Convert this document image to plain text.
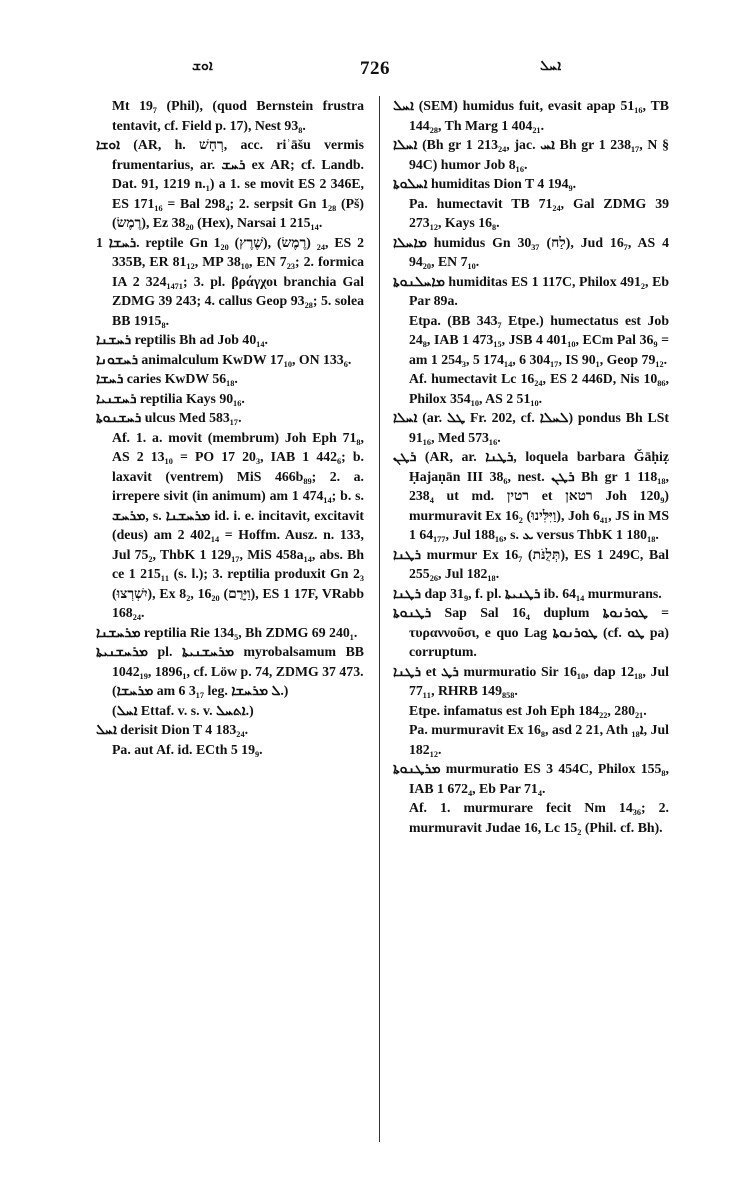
ܐܘܫ	726	ܐܚܠ

Mt 19₇ (Phil), (quod Bernstein frustra tentavit, cf. Field p. 17), Nest 93₈.

ܐܘܫܐ (AR, h. רְחָשׁ, acc. riʾāšu vermis frumentarius, ar. ܪܚܫ ex AR; cf. Landb. Dat. 91, 1219 n.₁) a 1. se movit ES 2 346E, ES 171₁₆ = Bal 298₄; 2. serpsit Gn 1₂₈ (Pš) (רֶמֶשׂ), Ez 38₂₀ (Hex), Narsai 1 215₁₄.

ܪܚܫܐ 1. reptile Gn 1₂₀ (שֶׁרֶץ), ₂₄ (רֶמֶשׂ), ES 2 335B, ER 81₁₂, MP 38₁₀, EN 7₂₃; 2. formica IA 2 324₁₄₇₁; 3. pl. βράγχοι branchia Gal ZDMG 39 243; 4. callus Geop 93₂₈; 5. solea BB 1915₈.

ܪܚܫܢܐ reptilis Bh ad Job 40₁₄.

ܪܚܫܘܢܐ animalculum KwDW 17₁₀, ON 133₆.

ܪܚܫܐ caries KwDW 56₁₈.

ܪܚܫܢܝܐ reptilia Kays 90₁₆.

ܪܚܫܢܘܬܐ ulcus Med 583₁₇.

Af. 1. a. movit (membrum) Joh Eph 71₈, AS 2 13₁₀ = PO 17 20₃, IAB 1 442₆; b. laxavit (ventrem) MiS 466b₈₉; 2. a. irrepere sivit (in animum) am 1 474₁₄; b. s. ܡܪܚܫ, s. ܡܪܚܫܢܐ id. i. e. incitavit, excitavit (deus) am 2 402₁₄ = Hoffm. Ausz. n. 133, Jul 75₂, ThbK 1 129₁₇, MiS 458a₁₄, abs. Bh ce 1 215₁₁ (s. l.); 3. reptilia produxit Gn 2₃ (יִשְׁרְצוּ), Ex 8₂, 16₂₀ (וַיָּרֻם), ES 1 17F, VRabb 168₂₄.

ܡܪܚܫܢܐ reptilia Rie 134₅, Bh ZDMG 69 240₁.

ܡܪܚܫܢܝܬܐ pl. ܡܪܚܫܢܝܬܐ myrobalsamum BB 1042₁₉, 1896₁, cf. Löw p. 74, ZDMG 37 473.

(ܡܪܚܫܐ am 6 3₁₇ leg. ܠ ܡܪܚܫܐ.)

(ܐܚܠ Ettaf. v. s. v. ܐܬܚܠ.)

ܐܚܠ derisit Dion T 4 183₂₄.

Pa. aut Af. id. ECth 5 19₉.

ܐܚܠ (SEM) humidus fuit, evasit apap 51₁₆, TB 144₂₈, Th Marg 1 404₂₁.

ܐܚܠܐ (Bh gr 1 213₂₄, jac. ܐܚ Bh gr 1 238₁₇, N § 94C) humor Job 8₁₆.

ܐܚܠܘܬܐ humiditas Dion T 4 194₉.

Pa. humectavit TB 71₂₄, Gal ZDMG 39 273₁₂, Kays 16₈.

ܡܐܚܠܐ humidus Gn 30₃₇ (לַח), Jud 16₇, AS 4 94₂₀, EN 7₁₀.

ܡܐܚܠܢܘܬܐ humiditas ES 1 117C, Philox 491₂, Eb Par 89a.

Etpa. (BB 343₇ Etpe.) humectatus est Job 24₈, IAB 1 473₁₅, JSB 4 401₁₀, ECm Pal 36₉ = am 1 254₃, 5 174₁₄, 6 304₁₇, IS 90₁, Geop 79₁₂.

Af. humectavit Lc 16₂₄, ES 2 446D, Nis 10₈₆, Philox 354₁₀, AS 2 51₁₀.

ܐܚܠܐ (ar. ܛܠ Fr. 202, cf. ܠܚܠܐ) pondus Bh LSt 91₁₆, Med 573₁₆.

ܪܛܢ (AR, ar. ܪܛܢܐ, loquela barbara Ǧāḥiẓ Ḥajaṇān III 38₆, nest. ܪܛܢ Bh gr 1 118₁₈, 238₄ ut md. רטין et רטאן Joh 120₉) murmuravit Ex 16₂ (וַיִּלִּינוּ), Joh 6₄₁, JS in MS 1 64₁₇₇, Jul 188₁₆, s. ܥ versus ThbK 1 180₁₈.

ܪܛܢܐ murmur Ex 16₇ (תְּלֻנֹּת), ES 1 249C, Bal 255₂₆, Jul 182₁₈.

ܪܛܢܐ dap 31₉, f. pl. ܪܛܢܝܬܐ ib. 64₁₄ murmurans.

ܪܛܢܘܬܐ Sap Sal 16₄ duplum ܛܘܪܢܘܬܐ = τυραννοῦσι, e quo Lag ܛܘܪܢܘܬܐ (cf. ܛܘ pa) corruptum.

ܪܛܢܐ et ܪܛ murmuratio Sir 16₁₀, dap 12₁₈, Jul 77₁₁, RHRB 149₈₅₈.

Etpe. infamatus est Joh Eph 184₂₂, 280₂₁.

Pa. murmuravit Ex 16₈, asd 2 21, Ath ܐ₁₈, Jul 182₁₂.

ܡܪܛܢܘܬܐ murmuratio ES 3 454C, Philox 155₈, IAB 1 672₄, Eb Par 71₄.

Af. 1. murmurare fecit Nm 14₃₆; 2. murmuravit Judae 16, Lc 15₂ (Phil. cf. Bh).
